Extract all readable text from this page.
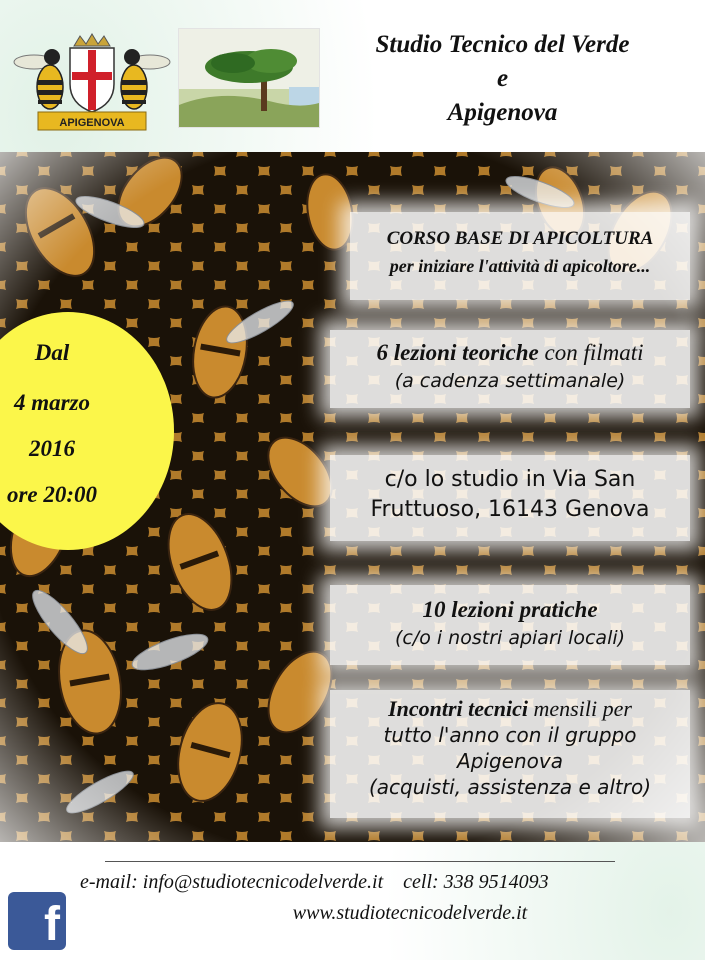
APIGENOVA
Studio Tecnico del Verde
e
Apigenova
Dal
4 marzo
2016
ore 20:00
CORSO BASE DI APICOLTURA
per iniziare l'attività di apicoltore...
6 lezioni teoriche con filmati
(a cadenza settimanale)
c/o lo studio in Via San
Fruttuoso, 16143 Genova
10 lezioni pratiche
(c/o i nostri apiari locali)
Incontri tecnici mensili per
tutto l'anno con il gruppo
Apigenova
(acquisti, assistenza e altro)
e-mail: info@studiotecnicodelverde.it cell: 338 9514093
www.studiotecnicodelverde.it
f
